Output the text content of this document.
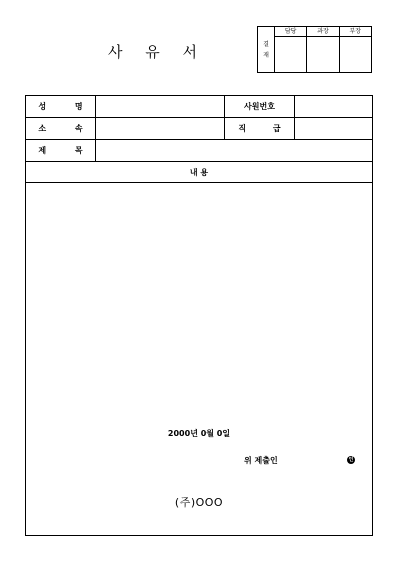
사 유 서	결
재
담당	과장	부장
성 명	사원번호
소 속	직 급
제 목
내 용
2000년 0월 0일
위 제출인	인
(주)OOO
